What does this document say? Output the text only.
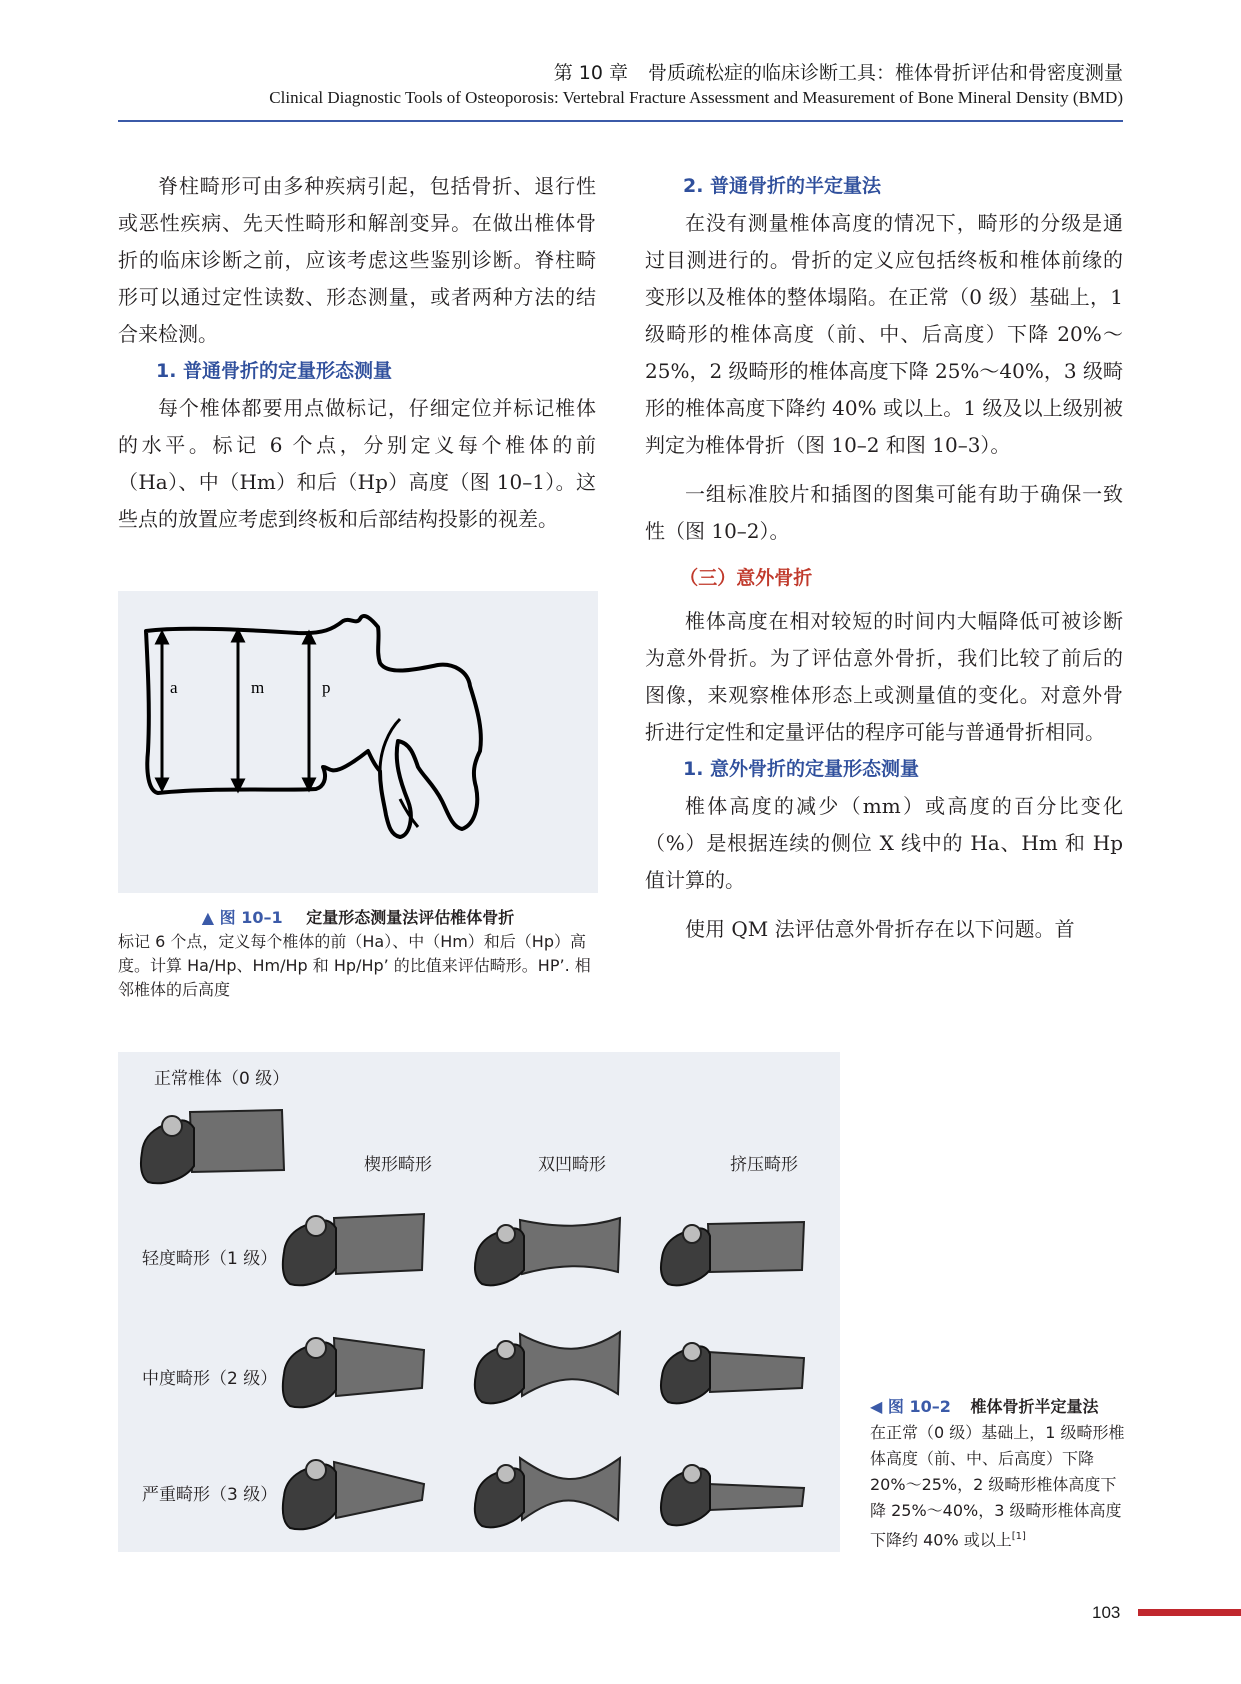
第 10 章 骨质疏松症的临床诊断工具：椎体骨折评估和骨密度测量
Clinical Diagnostic Tools of Osteoporosis: Vertebral Fracture Assessment and Measurement of Bone Mineral Density (BMD)

脊柱畸形可由多种疾病引起，包括骨折、退行性或恶性疾病、先天性畸形和解剖变异。在做出椎体骨折的临床诊断之前，应该考虑这些鉴别诊断。脊柱畸形可以通过定性读数、形态测量，或者两种方法的结合来检测。

1. 普通骨折的定量形态测量

每个椎体都要用点做标记，仔细定位并标记椎体的水平。标记 6 个点，分别定义每个椎体的前（Ha）、中（Hm）和后（Hp）高度（图 10–1）。这些点的放置应考虑到终板和后部结构投影的视差。

2. 普通骨折的半定量法

在没有测量椎体高度的情况下，畸形的分级是通过目测进行的。骨折的定义应包括终板和椎体前缘的变形以及椎体的整体塌陷。在正常（0 级）基础上，1 级畸形的椎体高度（前、中、后高度）下降 20%～25%，2 级畸形的椎体高度下降 25%～40%，3 级畸形的椎体高度下降约 40% 或以上。1 级及以上级别被判定为椎体骨折（图 10–2 和图 10–3）。

一组标准胶片和插图的图集可能有助于确保一致性（图 10–2）。

（三）意外骨折

椎体高度在相对较短的时间内大幅降低可被诊断为意外骨折。为了评估意外骨折，我们比较了前后的图像，来观察椎体形态上或测量值的变化。对意外骨折进行定性和定量评估的程序可能与普通骨折相同。

1. 意外骨折的定量形态测量

椎体高度的减少（mm）或高度的百分比变化（%）是根据连续的侧位 X 线中的 Ha、Hm 和 Hp 值计算的。

使用 QM 法评估意外骨折存在以下问题。首

a	m	p
▲ 图 10–1 定量形态测量法评估椎体骨折
标记 6 个点，定义每个椎体的前（Ha）、中（Hm）和后（Hp）高度。计算 Ha/Hp、Hm/Hp 和 Hp/Hp’ 的比值来评估畸形。HP’. 相邻椎体的后高度
正常椎体（0 级）
楔形畸形	双凹畸形	挤压畸形
轻度畸形（1 级）
中度畸形（2 级）
严重畸形（3 级）
◀ 图 10–2 椎体骨折半定量法
在正常（0 级）基础上，1 级畸形椎体高度（前、中、后高度）下降 20%～25%，2 级畸形椎体高度下降 25%～40%，3 级畸形椎体高度下降约 40% 或以上[1]
103
